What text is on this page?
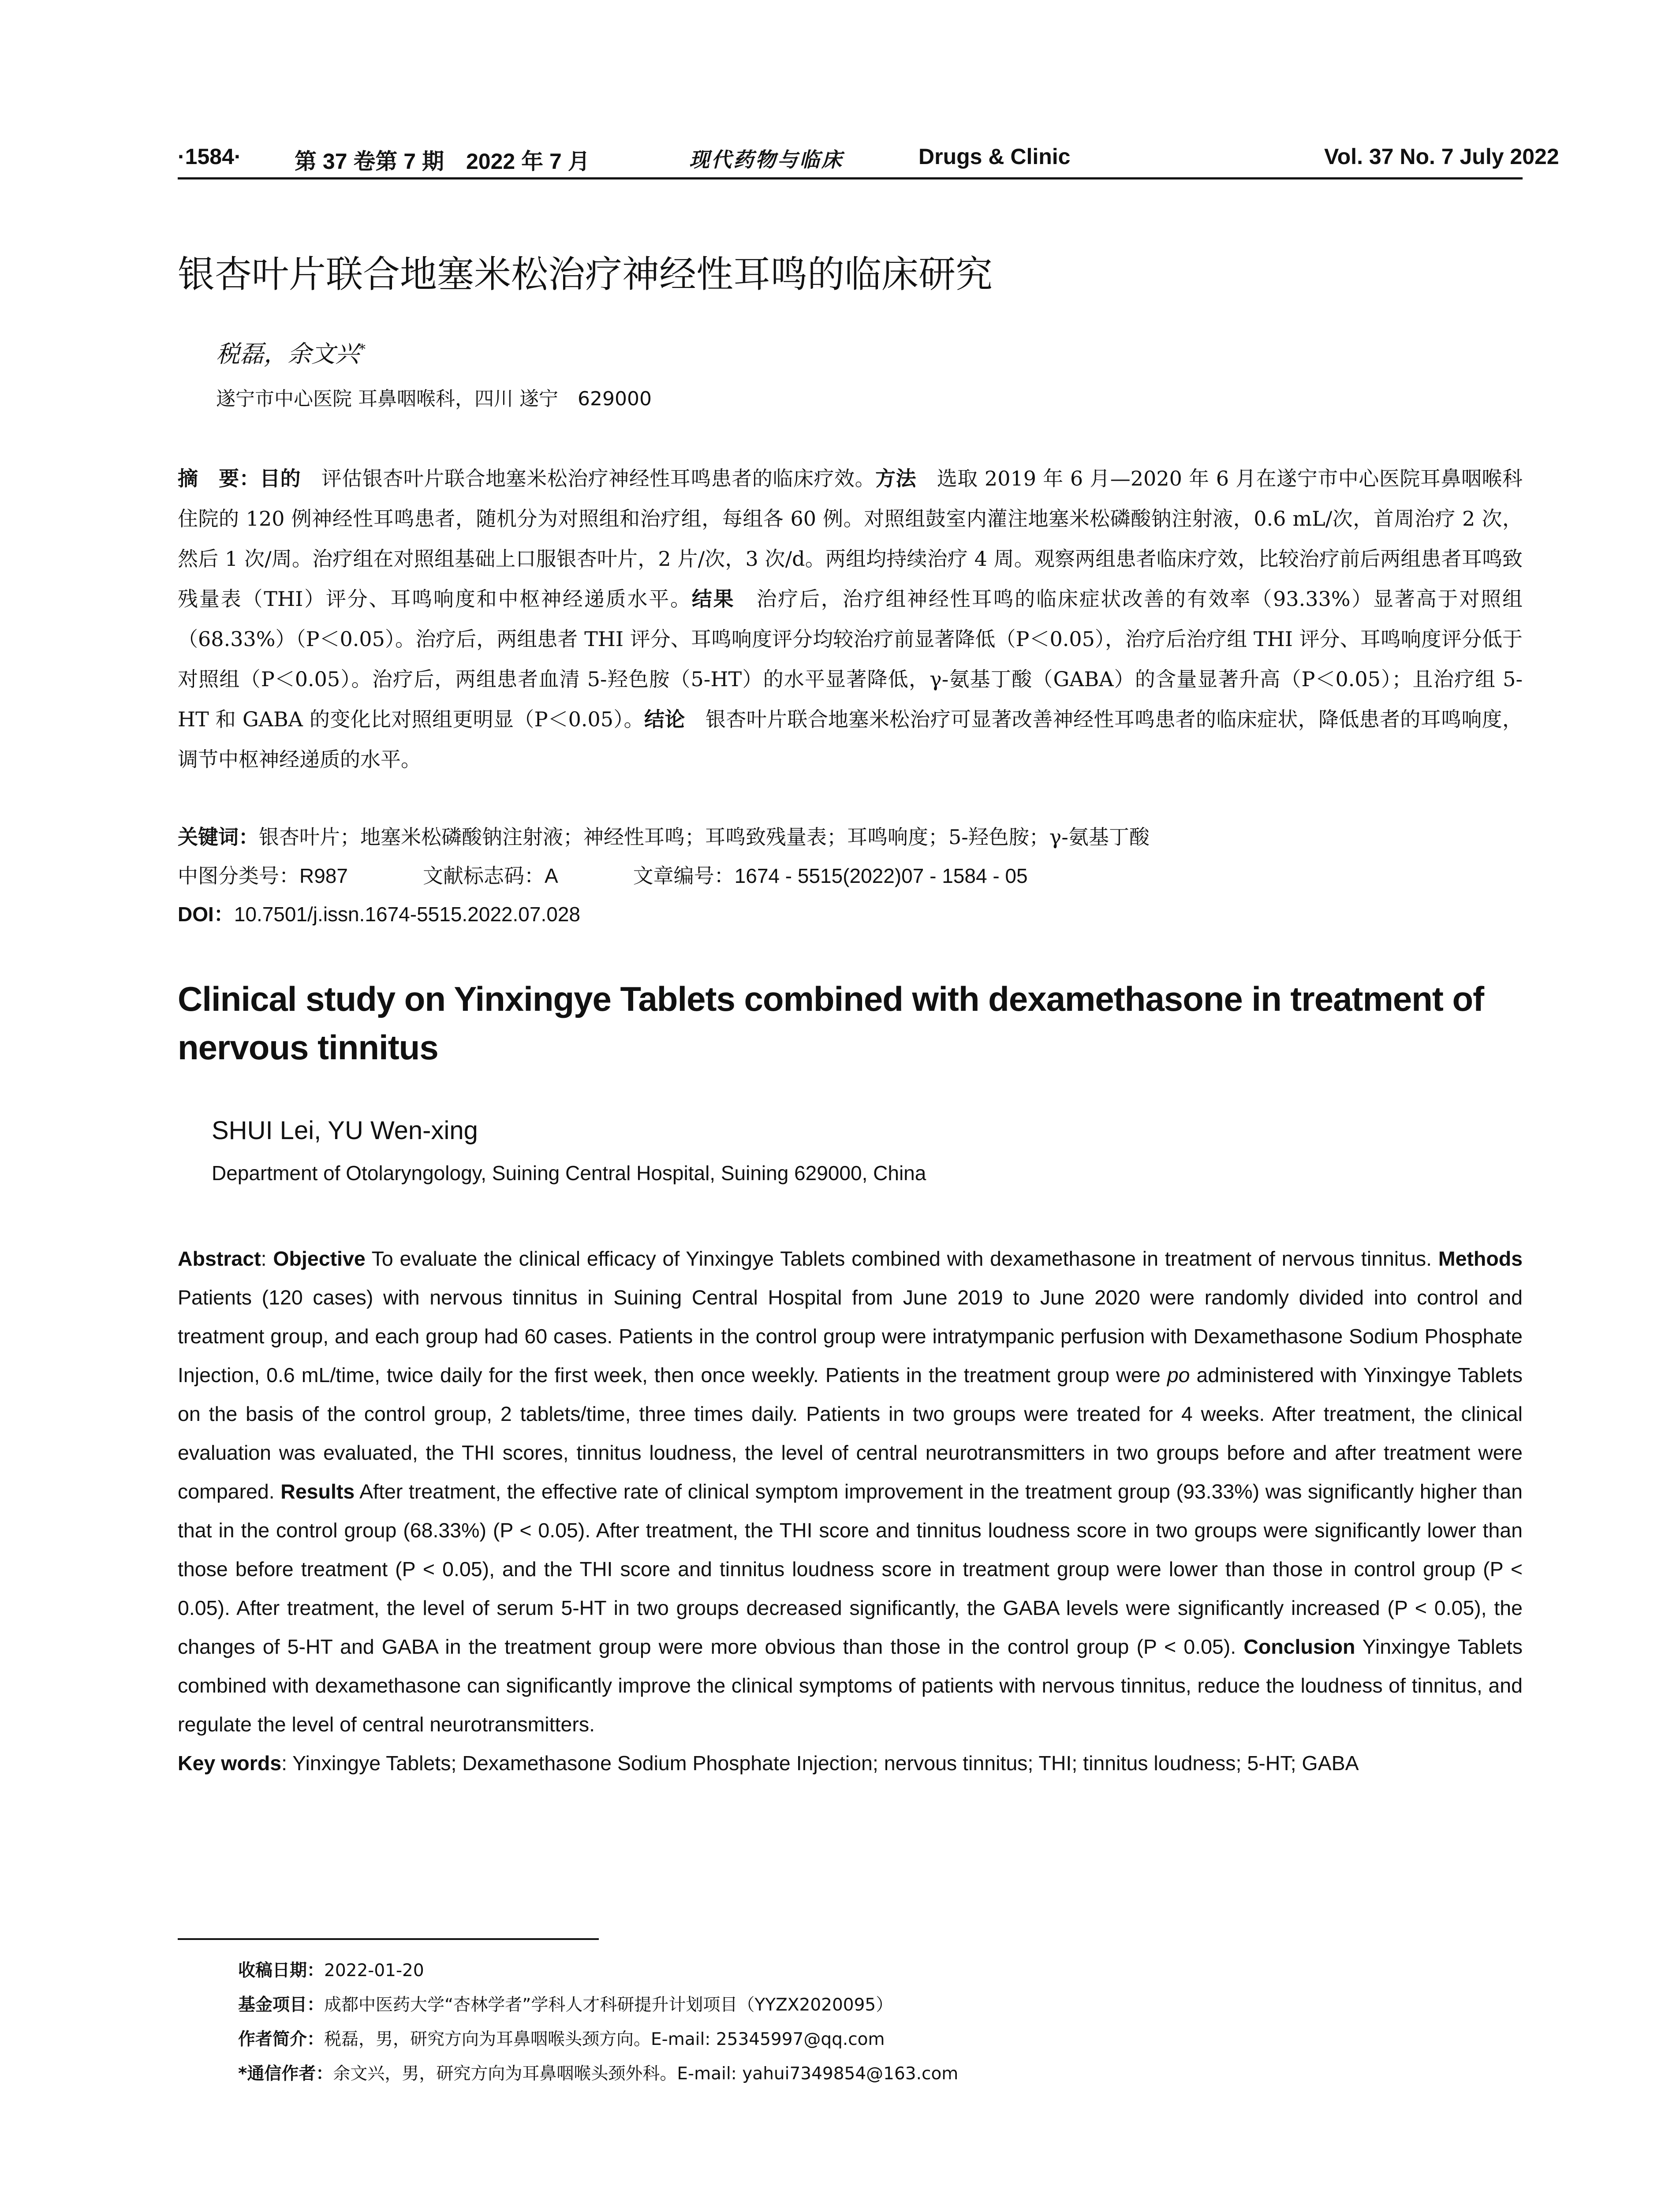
·1584· 第 37 卷第 7 期　2022 年 7 月	现代药物与临床	Drugs & Clinic	Vol. 37 No. 7 July 2022
银杏叶片联合地塞米松治疗神经性耳鸣的临床研究
税磊，余文兴*
遂宁市中心医院 耳鼻咽喉科，四川 遂宁　629000

摘　要：目的　评估银杏叶片联合地塞米松治疗神经性耳鸣患者的临床疗效。方法　选取 2019 年 6 月—2020 年 6 月在遂宁市中心医院耳鼻咽喉科住院的 120 例神经性耳鸣患者，随机分为对照组和治疗组，每组各 60 例。对照组鼓室内灌注地塞米松磷酸钠注射液，0.6 mL/次，首周治疗 2 次，然后 1 次/周。治疗组在对照组基础上口服银杏叶片，2 片/次，3 次/d。两组均持续治疗 4 周。观察两组患者临床疗效，比较治疗前后两组患者耳鸣致残量表（THI）评分、耳鸣响度和中枢神经递质水平。结果　治疗后，治疗组神经性耳鸣的临床症状改善的有效率（93.33%）显著高于对照组（68.33%）（P＜0.05）。治疗后，两组患者 THI 评分、耳鸣响度评分均较治疗前显著降低（P＜0.05），治疗后治疗组 THI 评分、耳鸣响度评分低于对照组（P＜0.05）。治疗后，两组患者血清 5-羟色胺（5-HT）的水平显著降低，γ-氨基丁酸（GABA）的含量显著升高（P＜0.05）；且治疗组 5-HT 和 GABA 的变化比对照组更明显（P＜0.05）。结论　银杏叶片联合地塞米松治疗可显著改善神经性耳鸣患者的临床症状，降低患者的耳鸣响度，调节中枢神经递质的水平。

关键词：银杏叶片；地塞米松磷酸钠注射液；神经性耳鸣；耳鸣致残量表；耳鸣响度；5-羟色胺；γ-氨基丁酸
中图分类号：R987	文献标志码：A	文章编号：1674 - 5515(2022)07 - 1584 - 05
DOI：10.7501/j.issn.1674-5515.2022.07.028
Clinical study on Yinxingye Tablets combined with dexamethasone in treatment of nervous tinnitus
SHUI Lei, YU Wen-xing
Department of Otolaryngology, Suining Central Hospital, Suining 629000, China

Abstract: Objective To evaluate the clinical efficacy of Yinxingye Tablets combined with dexamethasone in treatment of nervous tinnitus. Methods Patients (120 cases) with nervous tinnitus in Suining Central Hospital from June 2019 to June 2020 were randomly divided into control and treatment group, and each group had 60 cases. Patients in the control group were intratympanic perfusion with Dexamethasone Sodium Phosphate Injection, 0.6 mL/time, twice daily for the first week, then once weekly. Patients in the treatment group were po administered with Yinxingye Tablets on the basis of the control group, 2 tablets/time, three times daily. Patients in two groups were treated for 4 weeks. After treatment, the clinical evaluation was evaluated, the THI scores, tinnitus loudness, the level of central neurotransmitters in two groups before and after treatment were compared. Results After treatment, the effective rate of clinical symptom improvement in the treatment group (93.33%) was significantly higher than that in the control group (68.33%) (P < 0.05). After treatment, the THI score and tinnitus loudness score in two groups were significantly lower than those before treatment (P < 0.05), and the THI score and tinnitus loudness score in treatment group were lower than those in control group (P < 0.05). After treatment, the level of serum 5-HT in two groups decreased significantly, the GABA levels were significantly increased (P < 0.05), the changes of 5-HT and GABA in the treatment group were more obvious than those in the control group (P < 0.05). Conclusion Yinxingye Tablets combined with dexamethasone can significantly improve the clinical symptoms of patients with nervous tinnitus, reduce the loudness of tinnitus, and regulate the level of central neurotransmitters.

Key words: Yinxingye Tablets; Dexamethasone Sodium Phosphate Injection; nervous tinnitus; THI; tinnitus loudness; 5-HT; GABA

收稿日期：2022-01-20
基金项目：成都中医药大学“杏林学者”学科人才科研提升计划项目（YYZX2020095）
作者简介：税磊，男，研究方向为耳鼻咽喉头颈方向。E-mail: 25345997@qq.com
*通信作者：余文兴，男，研究方向为耳鼻咽喉头颈外科。E-mail: yahui7349854@163.com
